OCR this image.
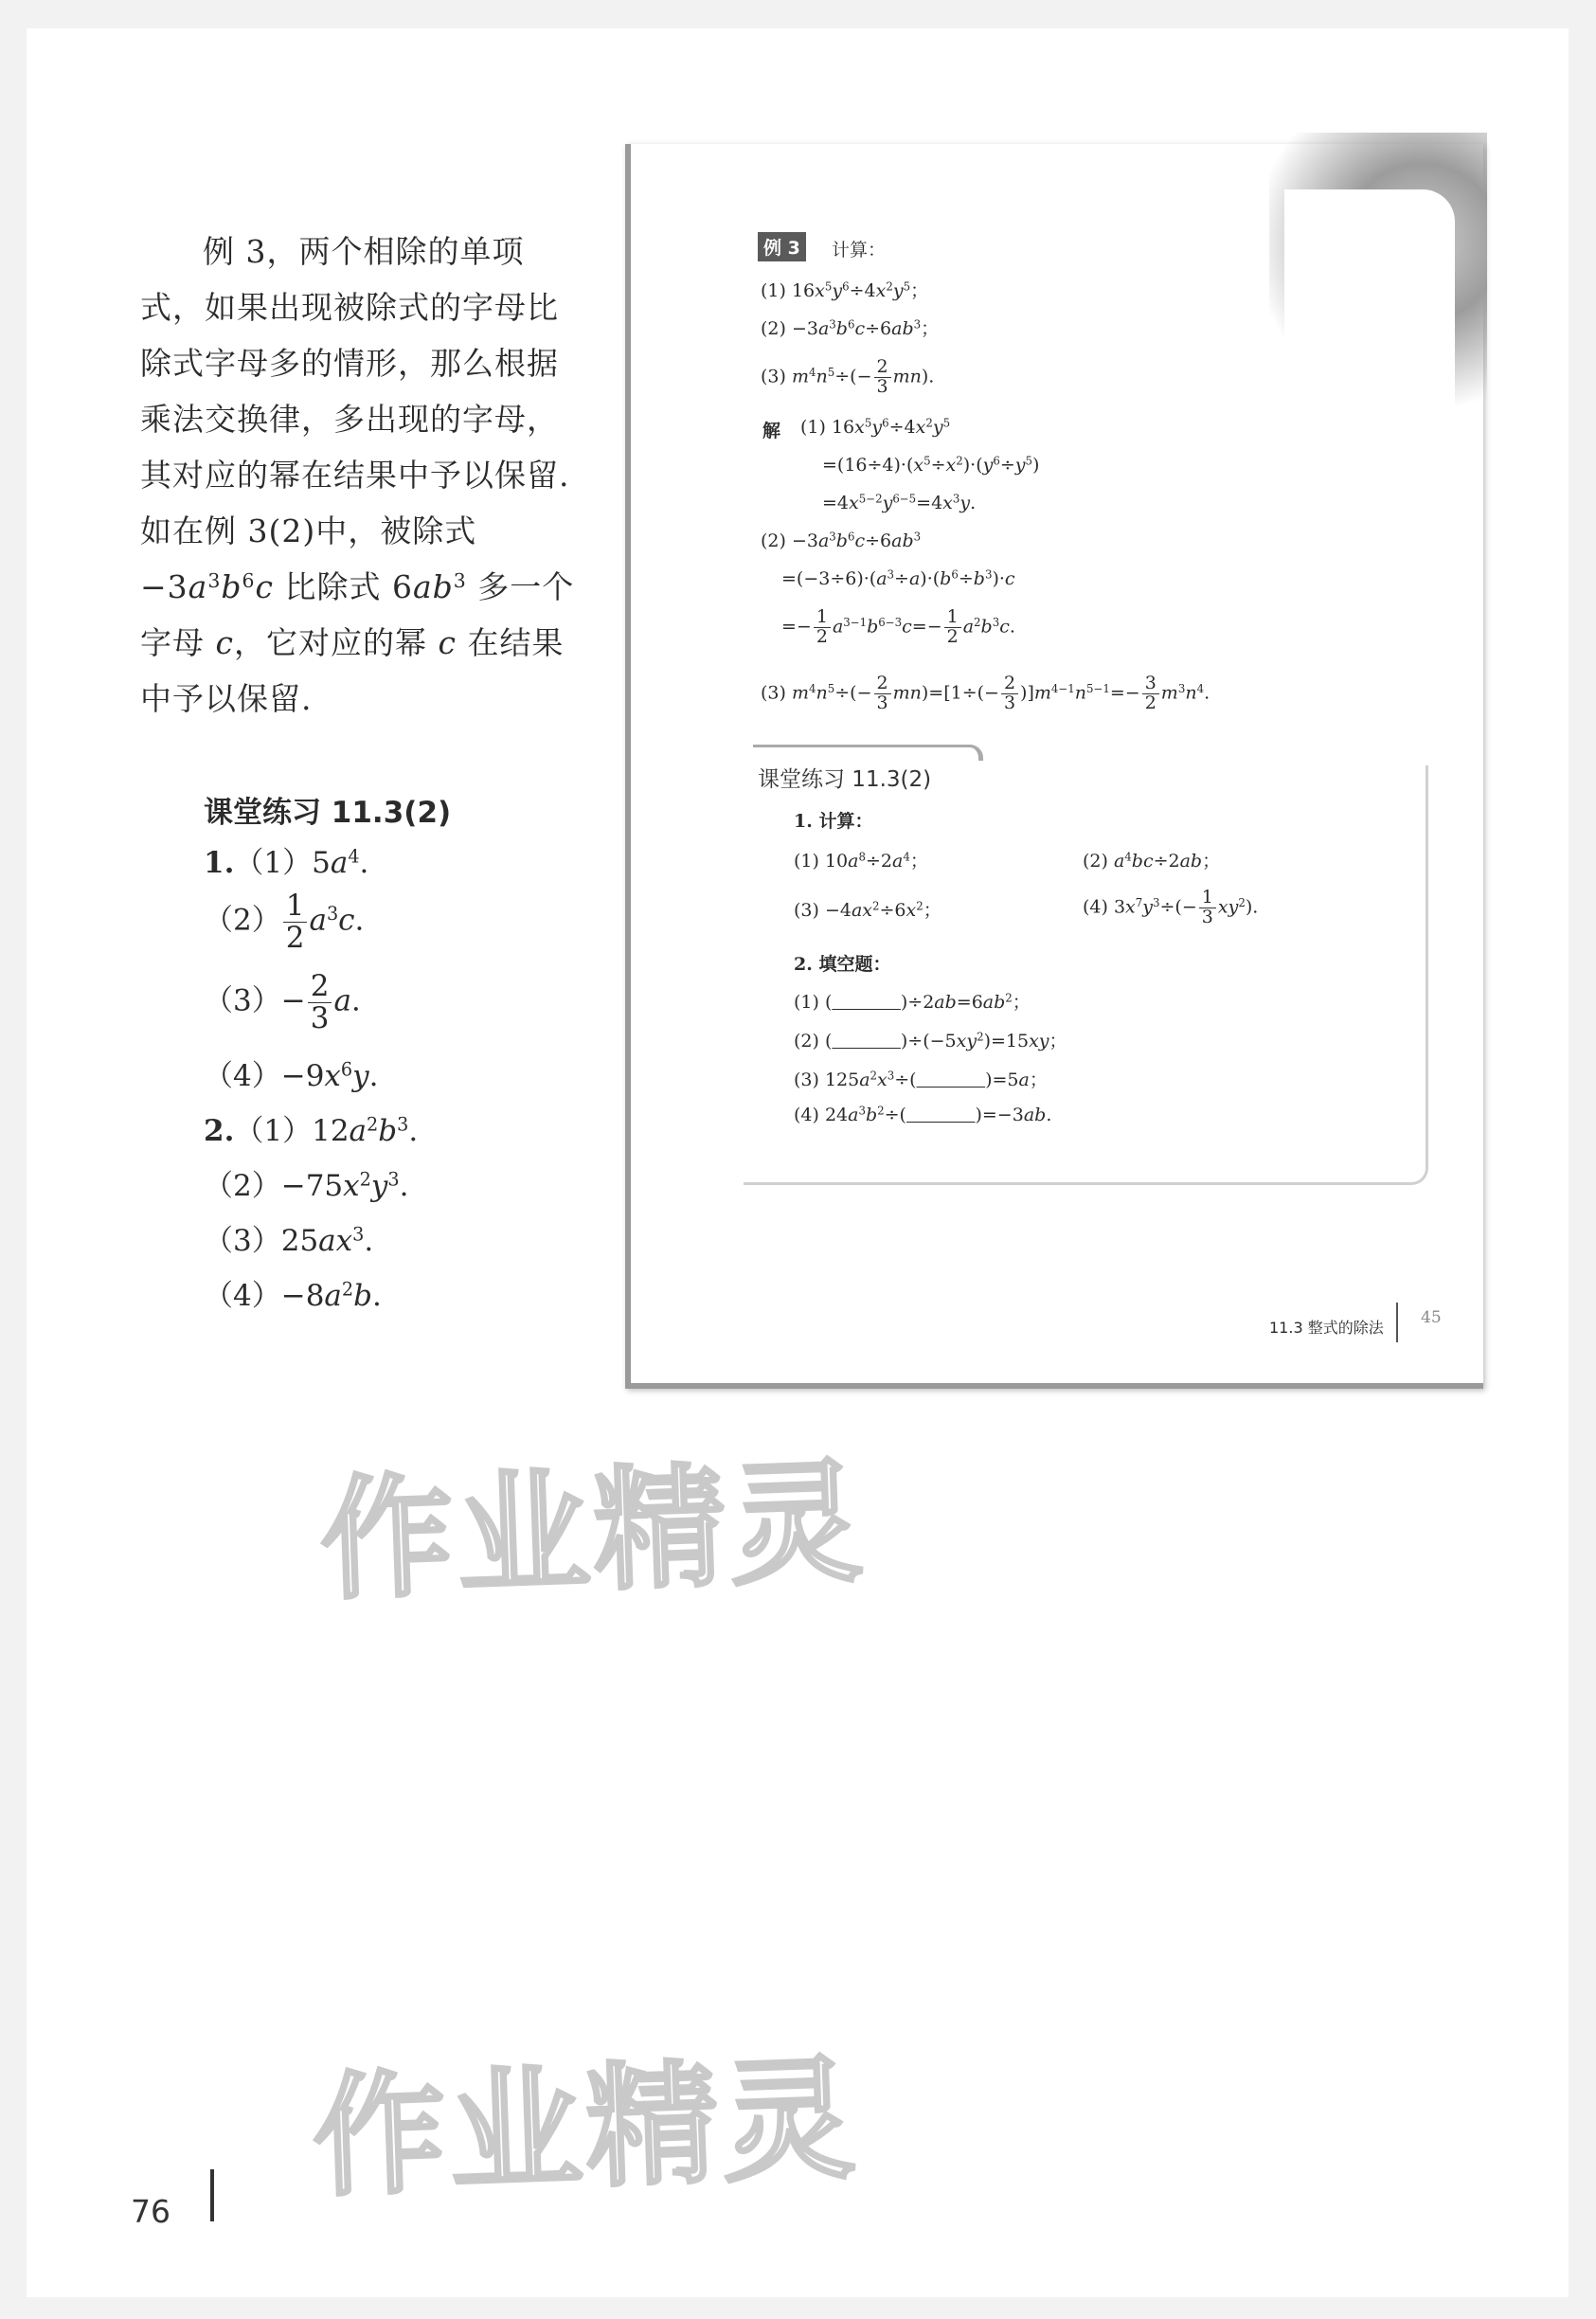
例 3，两个相除的单项式，如果出现被除式的字母比除式字母多的情形，那么根据乘法交换律，多出现的字母，其对应的幂在结果中予以保留. 如在例 3(2)中，被除式 $-3a^3b^6c$ 比除式 $6ab^3$ 多一个字母 c，它对应的幂 c 在结果中予以保留.

课堂练习 11.3(2)
$1.(1)5a^4$.
$(2) \frac{1}{2} a^3c$.
$(3)- \frac{2}{3} a$.
$(4)-9x^6y$.
$2.(1)12a^2b^3$.
$(2)-75x^2y^3$.
$(3)25ax^3$.
$(4)-8a^2b$.
例 3	计算：
(1) $16x^5y^6\div 4x^2y^5$；
$(2) -3a^3b^6c\div 6ab^3$；
(3) $m^4n^5\div(- \frac{2}{3} mn)$.
解 (1) $16x^5y^6\div 4x^2y^5$
$=(16\div 4)\cdot(x^5\div x^2)\cdot(y^6\div y^5)$
$=4x^{5-2}y^{6-5}=4x^3y$.
$(2) -3a^3b^6c\div 6ab^3$
$=(-3\div 6)\cdot(a^3\div a)\cdot(b^6\div b^3)\cdot c$
=− $\frac{1}{2} a^{3-1}b^{6-3}c=- \frac{1}{2} a^2b^3c$.
(3) $m^4n^5\div(- \frac{2}{3} mn)=[1\div(- \frac{2}{3} )]m^{4-1}n^{5-1}=- \frac{3}{2} m^3n^4$.
课堂练习 11.3(2)
1. 计算：
(1) $10a^8\div 2a^4$；	(2) $a^4bc\div 2ab$；
$(3) -4ax^2\div 6x^2$；	(4) $3x^7y^3\div(- \frac{1}{3} xy^2)$.
2. 填空题：
(1) (	)$\div 2ab=6ab^2$；
(2) (	)$\div(-5xy^2)=15xy$；
(3) $125a^2x^3\div$(	)=5a；
(4) $24a^3b^2\div$(	)=−3ab.
11.3 整式的除法
45
作业精灵
作业精灵
76
